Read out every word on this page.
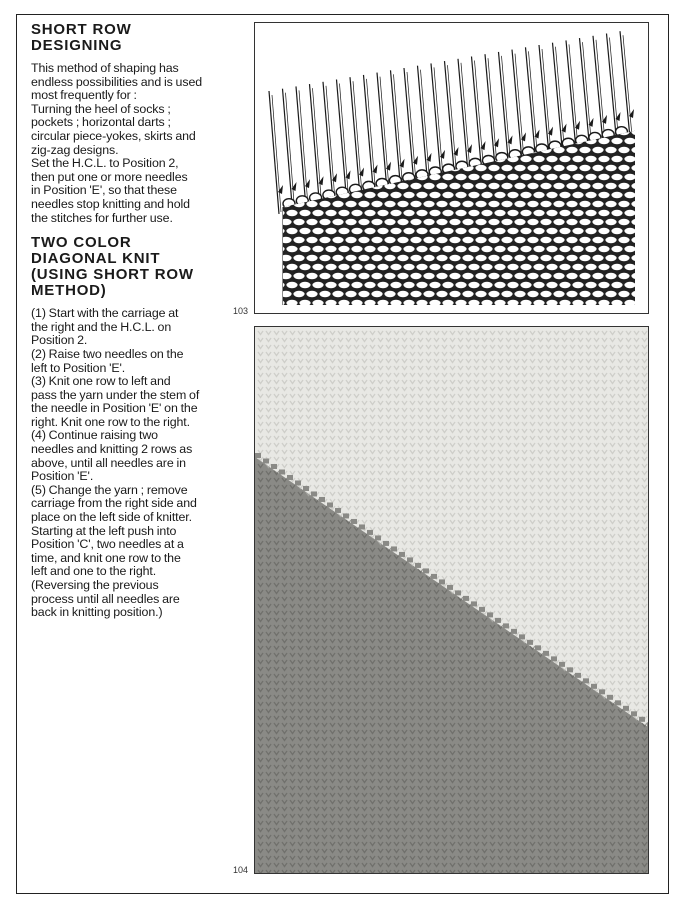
SHORT ROW
DESIGNING

This method of shaping has
endless possibilities and is used
most frequently for :
Turning the heel of socks ;
pockets ; horizontal darts ;
circular piece-yokes, skirts and
zig-zag designs.
Set the H.C.L. to Position 2,
then put one or more needles
in Position 'E', so that these
needles stop knitting and hold
the stitches for further use.

TWO COLOR
DIAGONAL KNIT
(USING SHORT ROW
METHOD)

(1) Start with the carriage at
the right and the H.C.L. on
Position 2.
(2) Raise two needles on the
left to Position 'E'.
(3) Knit one row to left and
pass the yarn under the stem of
the needle in Position 'E' on the
right. Knit one row to the right.
(4) Continue raising two
needles and knitting 2 rows as
above, until all needles are in
Position 'E'.
(5) Change the yarn ; remove
carriage from the right side and
place on the left side of knitter.
Starting at the left push into
Position 'C', two needles at a
time, and knit one row to the
left and one to the right.
(Reversing the previous
process until all needles are
back in knitting position.)

103
104
